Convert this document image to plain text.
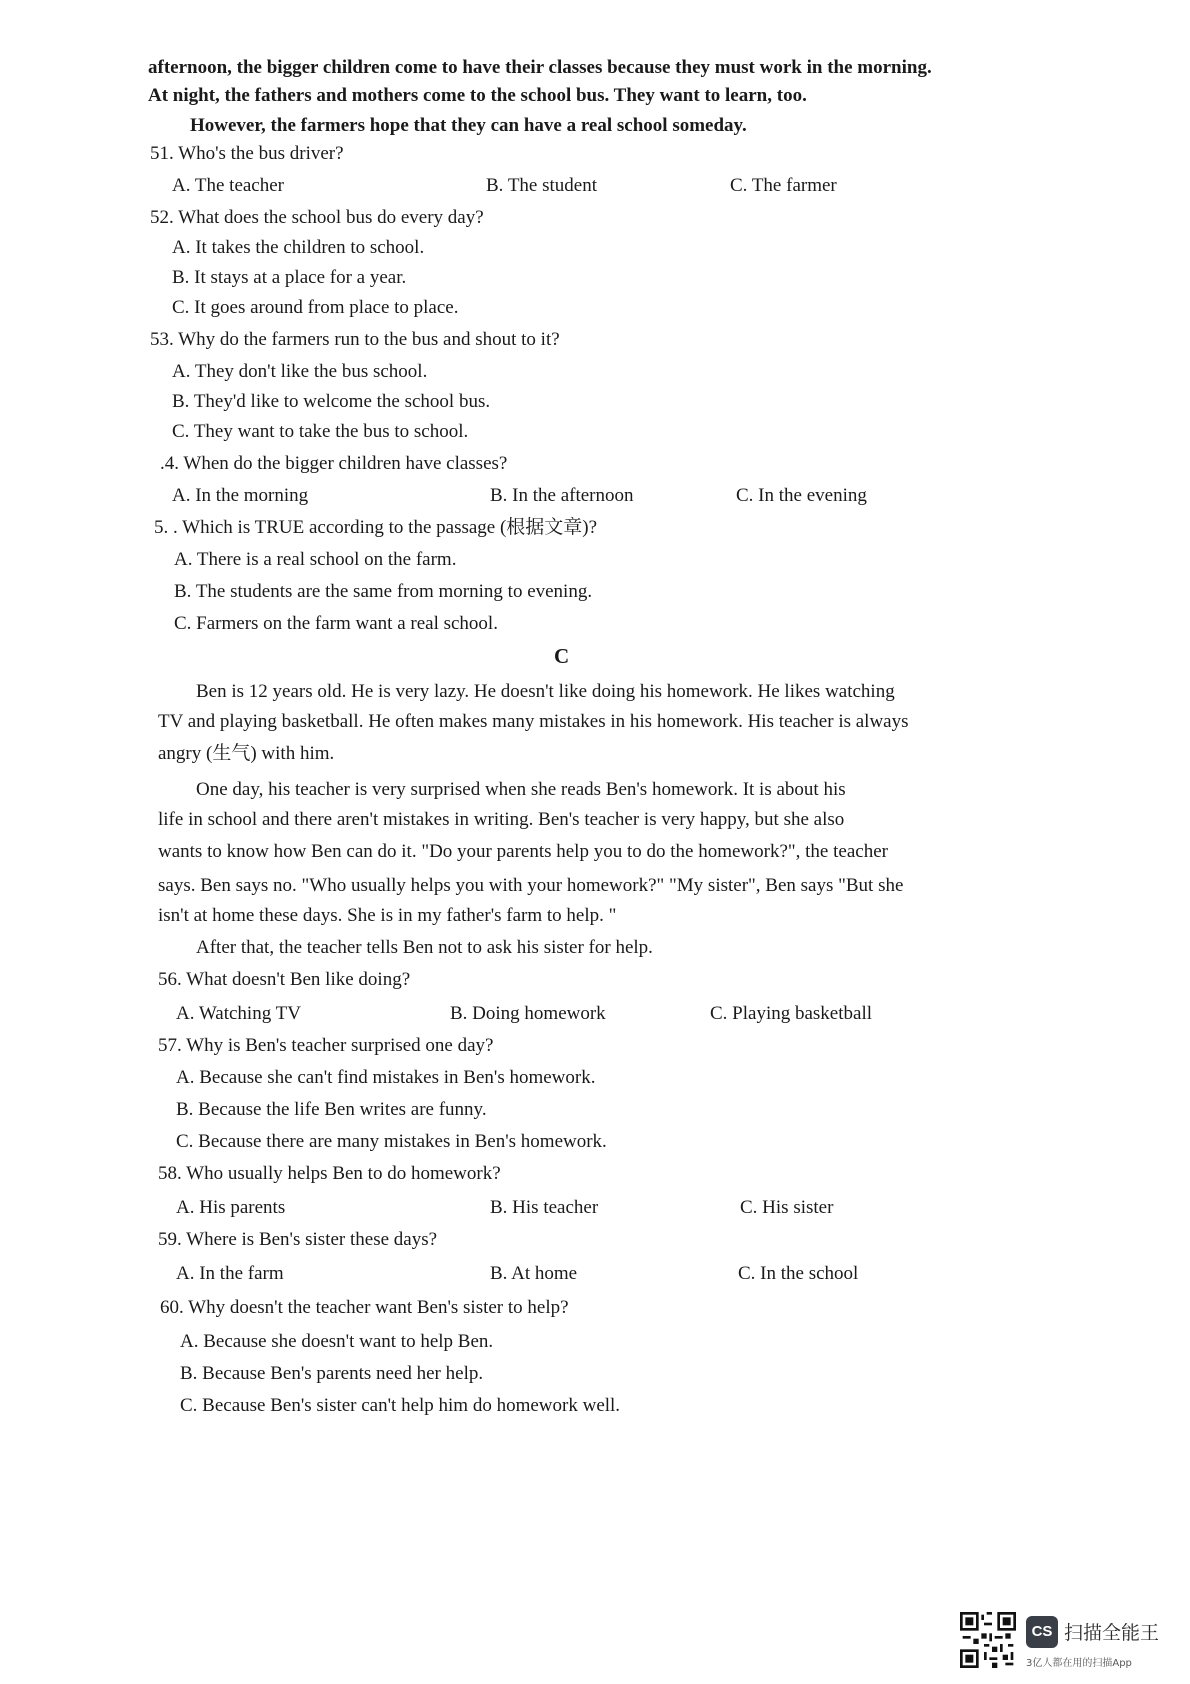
afternoon, the bigger children come to have their classes because they must work in the morning.
At night, the fathers and mothers come to the school bus. They want to learn, too.
However, the farmers hope that they can have a real school someday.
51. Who's the bus driver?
A. The teacher	B. The student	C. The farmer
52. What does the school bus do every day?
A. It takes the children to school.
B. It stays at a place for a year.
C. It goes around from place to place.
53. Why do the farmers run to the bus and shout to it?
A. They don't like the bus school.
B. They'd like to welcome the school bus.
C. They want to take the bus to school.
.4. When do the bigger children have classes?
A. In the morning	B. In the afternoon	C. In the evening
5. . Which is TRUE according to the passage (根据文章)?
A. There is a real school on the farm.
B. The students are the same from morning to evening.
C. Farmers on the farm want a real school.
C
Ben is 12 years old. He is very lazy. He doesn't like doing his homework. He likes watching
TV and playing basketball. He often makes many mistakes in his homework. His teacher is always
angry (生气) with him.
One day, his teacher is very surprised when she reads Ben's homework. It is about his
life in school and there aren't mistakes in writing. Ben's teacher is very happy, but she also
wants to know how Ben can do it. "Do your parents help you to do the homework?", the teacher
says. Ben says no. "Who usually helps you with your homework?" "My sister", Ben says "But she
isn't at home these days. She is in my father's farm to help. "
After that, the teacher tells Ben not to ask his sister for help.
56. What doesn't Ben like doing?
A. Watching TV	B. Doing homework	C. Playing basketball
57. Why is Ben's teacher surprised one day?
A. Because she can't find mistakes in Ben's homework.
B. Because the life Ben writes are funny.
C. Because there are many mistakes in Ben's homework.
58. Who usually helps Ben to do homework?
A. His parents	B. His teacher	C. His sister
59. Where is Ben's sister these days?
A. In the farm	B. At home	C. In the school
60. Why doesn't the teacher want Ben's sister to help?
A. Because she doesn't want to help Ben.
B. Because Ben's parents need her help.
C. Because Ben's sister can't help him do homework well.
CS 扫描全能王
3亿人都在用的扫描App
